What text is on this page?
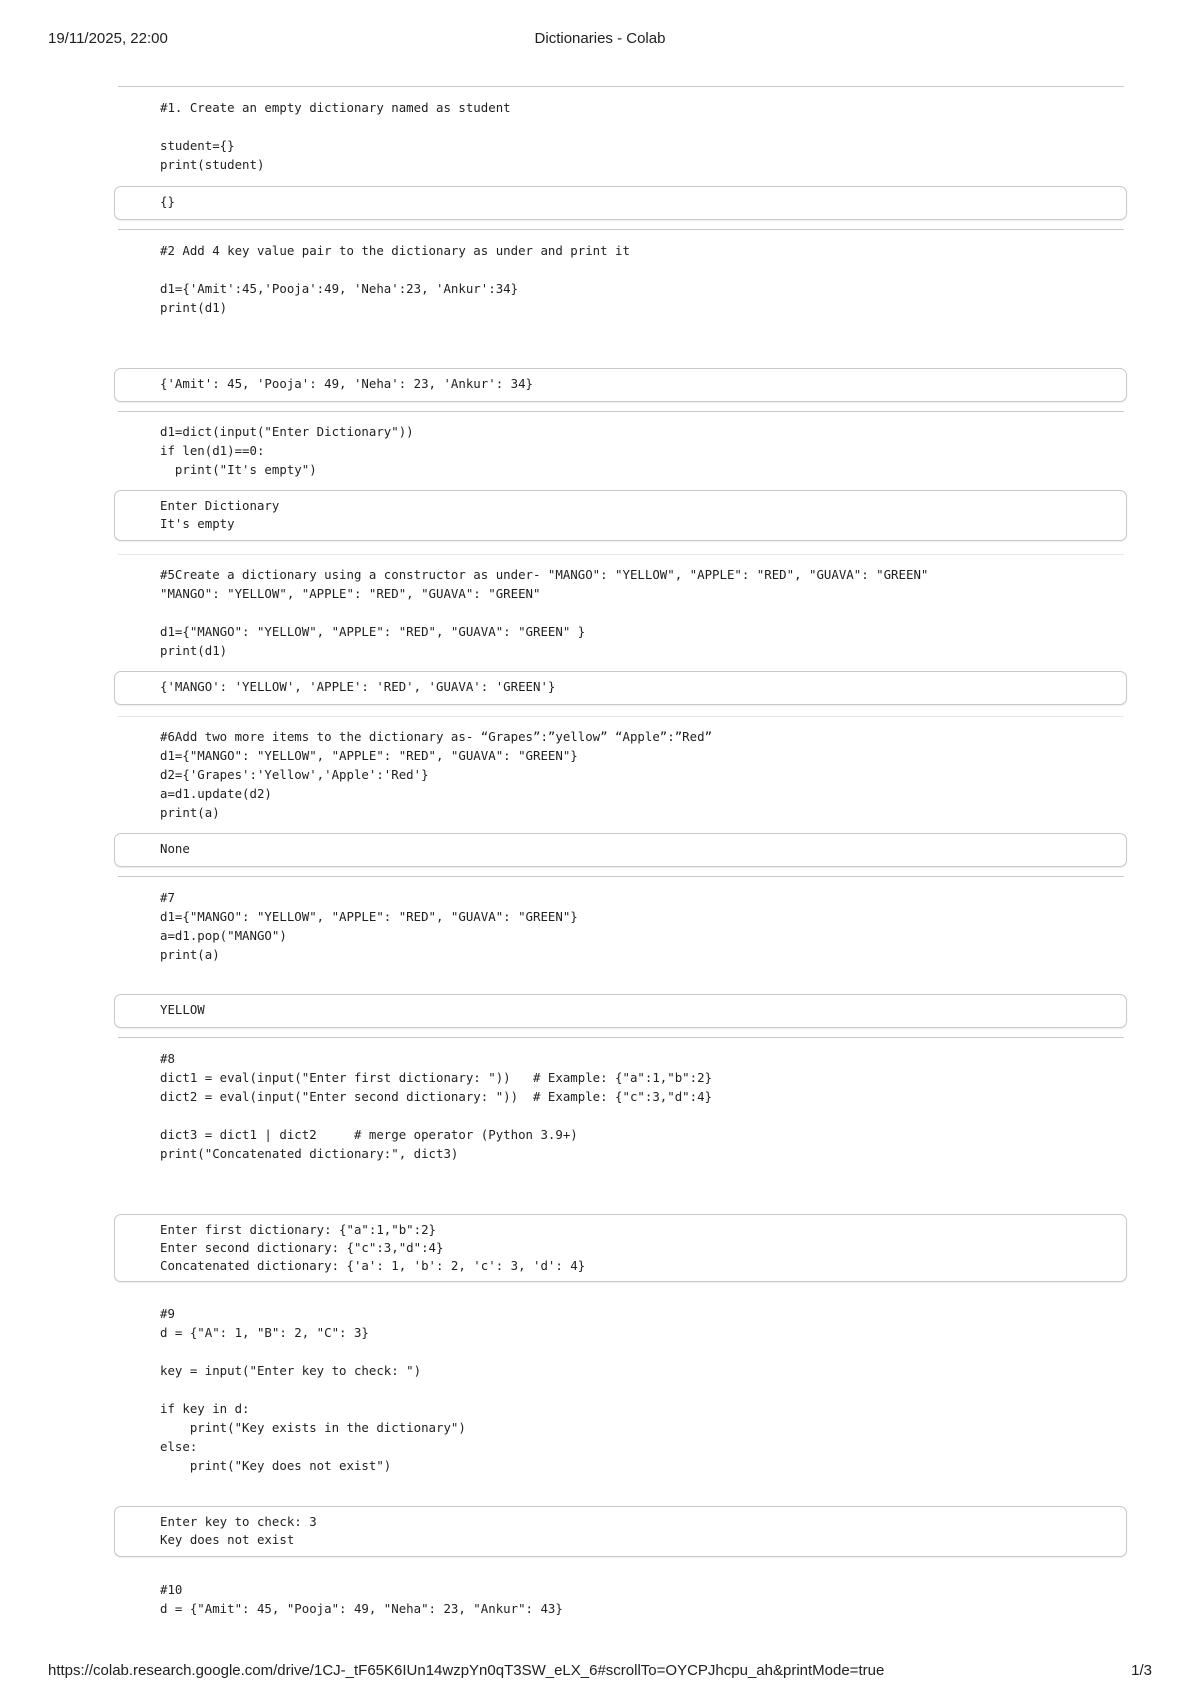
19/11/2025, 22:00	Dictionaries - Colab
#1. Create an empty dictionary named as student

student={}
print(student)
{}
#2 Add 4 key value pair to the dictionary as under and print it

d1={'Amit':45,'Pooja':49, 'Neha':23, 'Ankur':34}
print(d1)
{'Amit': 45, 'Pooja': 49, 'Neha': 23, 'Ankur': 34}
d1=dict(input("Enter Dictionary"))
if len(d1)==0:
print("It's empty")
Enter Dictionary
It's empty
#5Create a dictionary using a constructor as under- "MANGO": "YELLOW", "APPLE": "RED", "GUAVA": "GREEN"
"MANGO": "YELLOW", "APPLE": "RED", "GUAVA": "GREEN"

d1={"MANGO": "YELLOW", "APPLE": "RED", "GUAVA": "GREEN" }
print(d1)
{'MANGO': 'YELLOW', 'APPLE': 'RED', 'GUAVA': 'GREEN'}
#6Add two more items to the dictionary as- “Grapes”:”yellow” “Apple”:”Red”
d1={"MANGO": "YELLOW", "APPLE": "RED", "GUAVA": "GREEN"}
d2={'Grapes':'Yellow','Apple':'Red'}
a=d1.update(d2)
print(a)
None
#7
d1={"MANGO": "YELLOW", "APPLE": "RED", "GUAVA": "GREEN"}
a=d1.pop("MANGO")
print(a)
YELLOW
#8
dict1 = eval(input("Enter first dictionary: "))   # Example: {"a":1,"b":2}
dict2 = eval(input("Enter second dictionary: "))  # Example: {"c":3,"d":4}

dict3 = dict1 | dict2     # merge operator (Python 3.9+)
print("Concatenated dictionary:", dict3)
Enter first dictionary: {"a":1,"b":2}
Enter second dictionary: {"c":3,"d":4}
Concatenated dictionary: {'a': 1, 'b': 2, 'c': 3, 'd': 4}
#9
d = {"A": 1, "B": 2, "C": 3}

key = input("Enter key to check: ")

if key in d:
print("Key exists in the dictionary")
else:
print("Key does not exist")
Enter key to check: 3
Key does not exist
#10
d = {"Amit": 45, "Pooja": 49, "Neha": 23, "Ankur": 43}
https://colab.research.google.com/drive/1CJ-_tF65K6IUn14wzpYn0qT3SW_eLX_6#scrollTo=OYCPJhcpu_ah&printMode=true	1/3
